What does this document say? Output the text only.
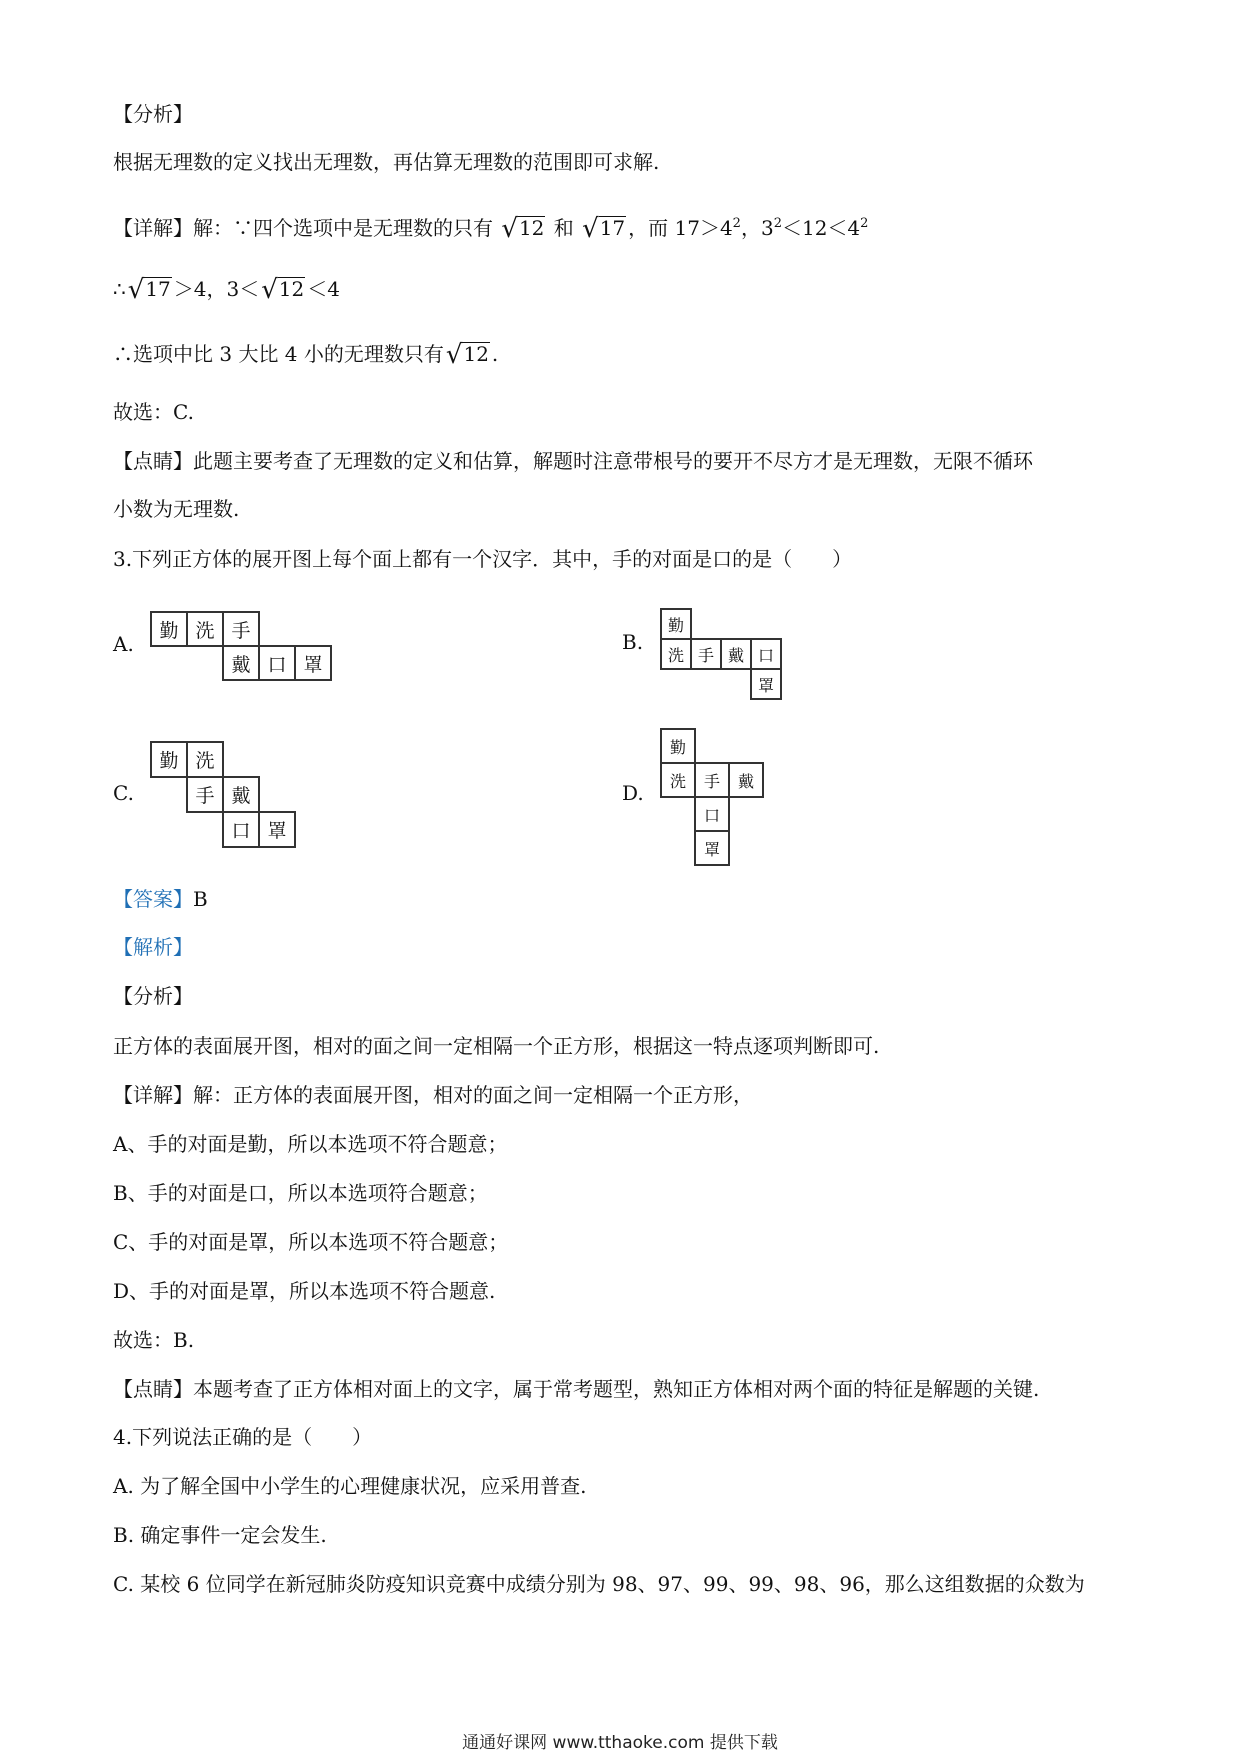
【分析】
根据无理数的定义找出无理数，再估算无理数的范围即可求解.
【详解】解：∵四个选项中是无理数的只有 √12 和 √17 ，而 $17>4^2$，$3^2<12<4^2$
∴√17 ＞4，3＜√12 ＜4
∴选项中比 3 大比 4 小的无理数只有√12 .
故选：C.
【点睛】此题主要考查了无理数的定义和估算，解题时注意带根号的要开不尽方才是无理数，无限不循环
小数为无理数.
3.下列正方体的展开图上每个面上都有一个汉字．其中，手的对面是口的是（　　）
A.
勤 洗 手
戴 口 罩
B.
勤
洗 手 戴 口
罩
C.
勤 洗
手 戴
口 罩
D.
勤
洗	手	戴
口
罩
【答案】B
【解析】
【分析】
正方体的表面展开图，相对的面之间一定相隔一个正方形，根据这一特点逐项判断即可.
【详解】解：正方体的表面展开图，相对的面之间一定相隔一个正方形，
A、手的对面是勤，所以本选项不符合题意；
B、手的对面是口，所以本选项符合题意；
C、手的对面是罩，所以本选项不符合题意；
D、手的对面是罩，所以本选项不符合题意.
故选：B.
【点睛】本题考查了正方体相对面上的文字，属于常考题型，熟知正方体相对两个面的特征是解题的关键.
4.下列说法正确的是（　　）
A. 为了解全国中小学生的心理健康状况，应采用普查.
B. 确定事件一定会发生.
C. 某校 6 位同学在新冠肺炎防疫知识竞赛中成绩分别为 98、97、99、99、98、96，那么这组数据的众数为
通通好课网 www.tthaoke.com 提供下载
